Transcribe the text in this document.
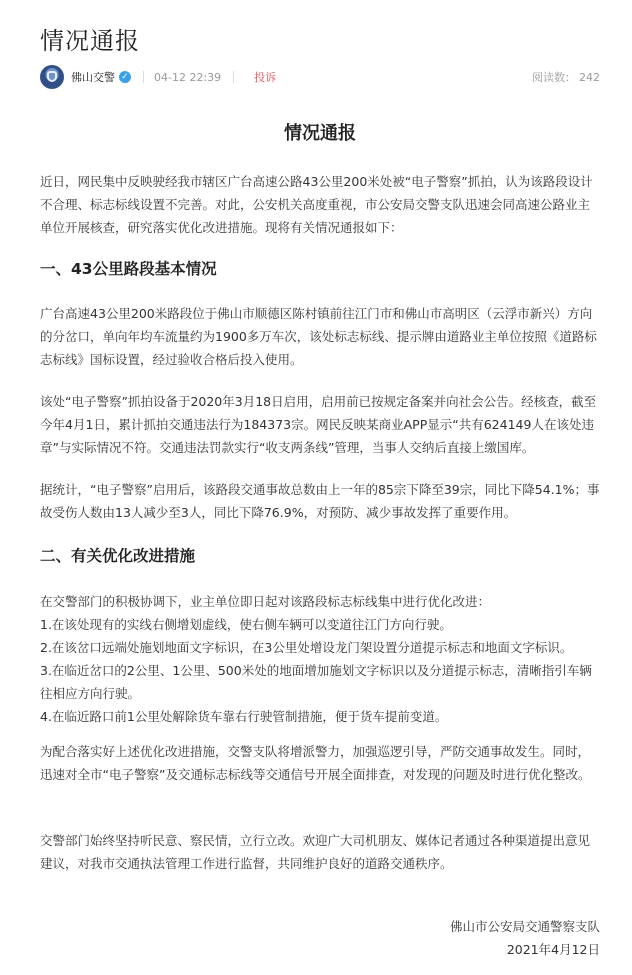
情况通报
佛山交警 ✓ 04-12 22:39	投诉	阅读数： 242
情况通报

近日，网民集中反映驶经我市辖区广台高速公路43公里200米处被“电子警察”抓拍，认为该路段设计不合理、标志标线设置不完善。对此，公安机关高度重视，市公安局交警支队迅速会同高速公路业主单位开展核查，研究落实优化改进措施。现将有关情况通报如下：

一、43公里路段基本情况

广台高速43公里200米路段位于佛山市顺德区陈村镇前往江门市和佛山市高明区（云浮市新兴）方向的分岔口，单向年均车流量约为1900多万车次，该处标志标线、提示牌由道路业主单位按照《道路标志标线》国标设置，经过验收合格后投入使用。

该处“电子警察”抓拍设备于2020年3月18日启用，启用前已按规定备案并向社会公告。经核查，截至今年4月1日，累计抓拍交通违法行为184373宗。网民反映某商业APP显示“共有624149人在该处违章”与实际情况不符。交通违法罚款实行“收支两条线”管理，当事人交纳后直接上缴国库。

据统计，“电子警察”启用后，该路段交通事故总数由上一年的85宗下降至39宗，同比下降54.1%；事故受伤人数由13人减少至3人，同比下降76.9%，对预防、减少事故发挥了重要作用。

二、有关优化改进措施

在交警部门的积极协调下，业主单位即日起对该路段标志标线集中进行优化改进：

1.在该处现有的实线右侧增划虚线，使右侧车辆可以变道往江门方向行驶。

2.在该岔口远端处施划地面文字标识，在3公里处增设龙门架设置分道提示标志和地面文字标识。

3.在临近岔口的2公里、1公里、500米处的地面增加施划文字标识以及分道提示标志，清晰指引车辆往相应方向行驶。

4.在临近路口前1公里处解除货车靠右行驶管制措施，便于货车提前变道。

为配合落实好上述优化改进措施，交警支队将增派警力，加强巡逻引导，严防交通事故发生。同时，迅速对全市“电子警察”及交通标志标线等交通信号开展全面排查，对发现的问题及时进行优化整改。

交警部门始终坚持听民意、察民情，立行立改。欢迎广大司机朋友、媒体记者通过各种渠道提出意见建议，对我市交通执法管理工作进行监督，共同维护良好的道路交通秩序。

佛山市公安局交通警察支队
2021年4月12日
